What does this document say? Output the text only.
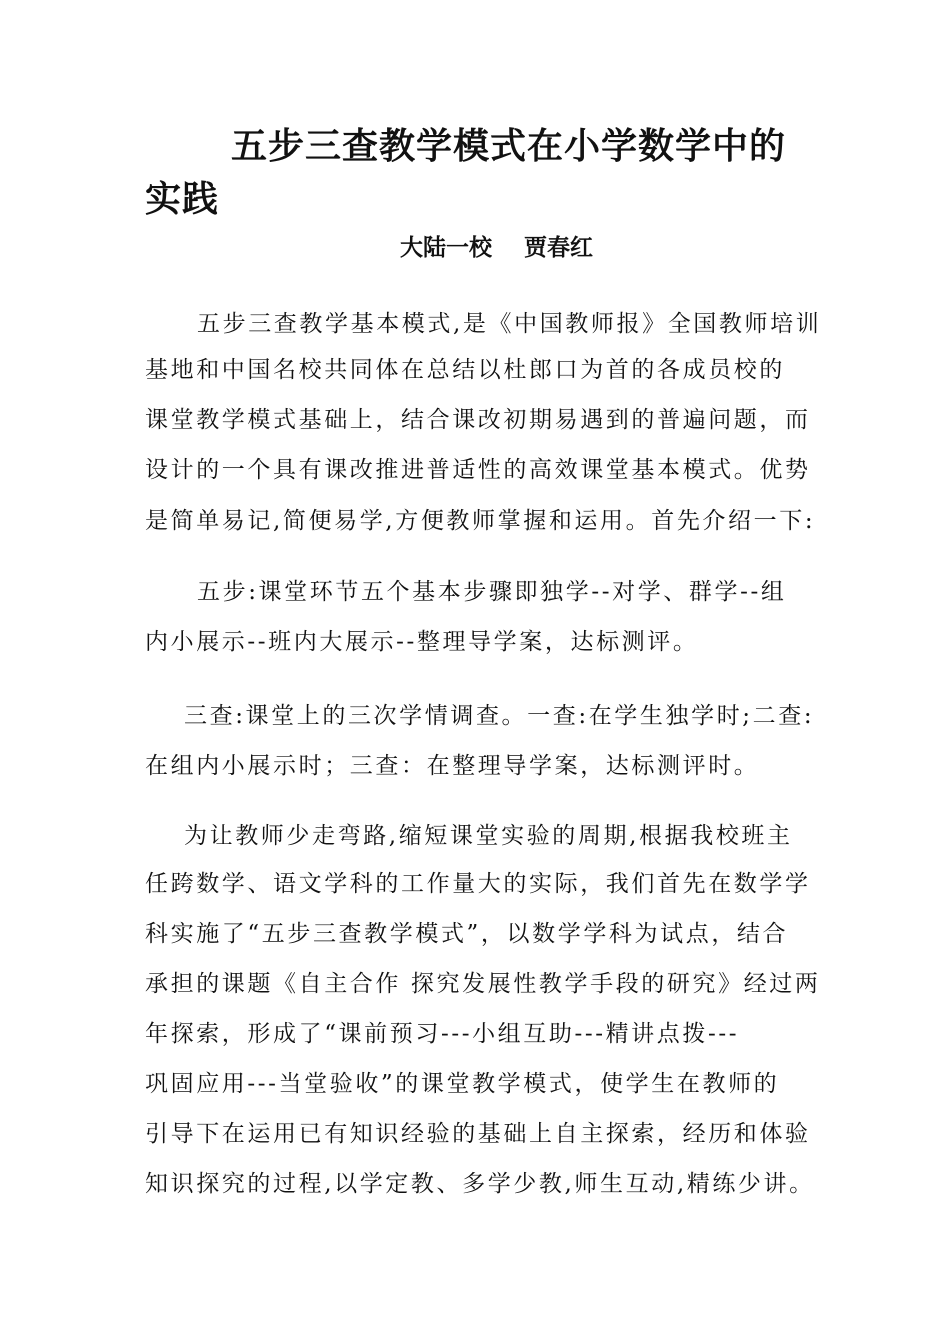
五步三查教学模式在小学数学中的实践
大陆一校    贾春红
五步三查教学基本模式,是《中国教师报》全国教师培训
基地和中国名校共同体在总结以杜郎口为首的各成员校的
课堂教学模式基础上，结合课改初期易遇到的普遍问题，而
设计的一个具有课改推进普适性的高效课堂基本模式。优势
是简单易记,简便易学,方便教师掌握和运用。首先介绍一下:
五步:课堂环节五个基本步骤即独学--对学、群学--组
内小展示--班内大展示--整理导学案，达标测评。
三查:课堂上的三次学情调查。一查:在学生独学时;二查:
在组内小展示时；三查：在整理导学案，达标测评时。
为让教师少走弯路,缩短课堂实验的周期,根据我校班主
任跨数学、语文学科的工作量大的实际，我们首先在数学学
科实施了“五步三查教学模式”，以数学学科为试点，结合
承担的课题《自主合作 探究发展性教学手段的研究》经过两
年探索，形成了“课前预习---小组互助---精讲点拨---
巩固应用---当堂验收”的课堂教学模式，使学生在教师的
引导下在运用已有知识经验的基础上自主探索，经历和体验
知识探究的过程,以学定教、多学少教,师生互动,精练少讲。
